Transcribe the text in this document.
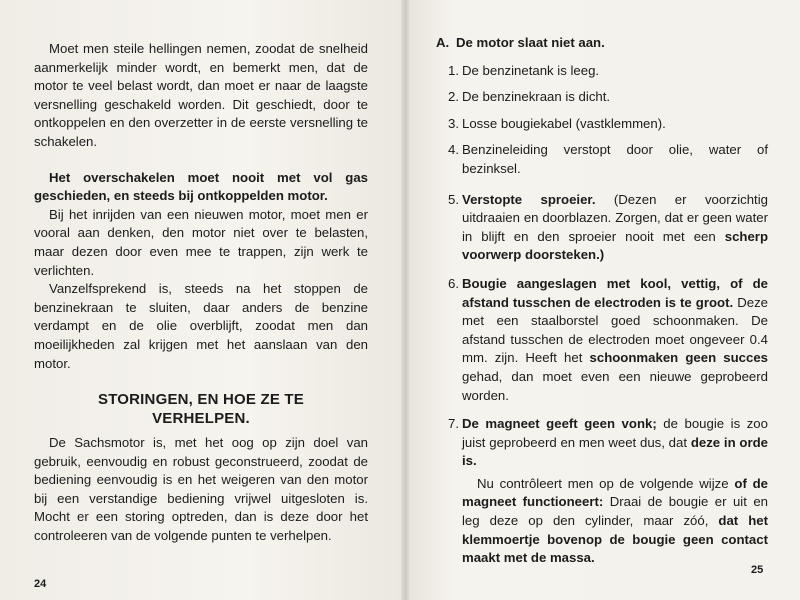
Moet men steile hellingen nemen, zoodat de snelheid aanmerkelijk minder wordt, en bemerkt men, dat de motor te veel belast wordt, dan moet er naar de laagste versnelling geschakeld worden. Dit geschiedt, door te ontkoppelen en den overzetter in de eerste versnelling te schakelen.

Het overschakelen moet nooit met vol gas geschieden, en steeds bij ontkoppelden motor.

Bij het inrijden van een nieuwen motor, moet men er vooral aan denken, den motor niet over te belasten, maar dezen door even mee te trappen, zijn werk te verlichten.

Vanzelfsprekend is, steeds na het stoppen de benzinekraan te sluiten, daar anders de benzine verdampt en de olie overblijft, zoodat men dan moeilijkheden zal krijgen met het aanslaan van den motor.

STORINGEN, EN HOE ZE TE
VERHELPEN.

De Sachsmotor is, met het oog op zijn doel van gebruik, eenvoudig en robust geconstrueerd, zoodat de bediening eenvoudig is en het weigeren van den motor bij een verstandige bediening vrijwel uitgesloten is. Mocht er een storing optreden, dan is deze door het controleeren van de volgende punten te verhelpen.

24
A. De motor slaat niet aan.
1. De benzinetank is leeg.

2. De benzinekraan is dicht.

3. Losse bougiekabel (vastklemmen).

4. Benzineleiding verstopt door olie, water of bezinksel.

5. Verstopte sproeier. (Dezen er voorzichtig uitdraaien en doorblazen. Zorgen, dat er geen water in blijft en den sproeier nooit met een scherp voorwerp doorsteken.)

6. Bougie aangeslagen met kool, vettig, of de afstand tusschen de electroden is te groot. Deze met een staalborstel goed schoonmaken. De afstand tusschen de electroden moet ongeveer 0.4 mm. zijn. Heeft het schoonmaken geen succes gehad, dan moet even een nieuwe geprobeerd worden.

7. De magneet geeft geen vonk; de bougie is zoo juist geprobeerd en men weet dus, dat deze in orde is.

Nu contrôleert men op de volgende wijze of de magneet functioneert: Draai de bougie er uit en leg deze op den cylinder, maar zóó, dat het klemmoertje bovenop de bougie geen contact maakt met de massa.

25
